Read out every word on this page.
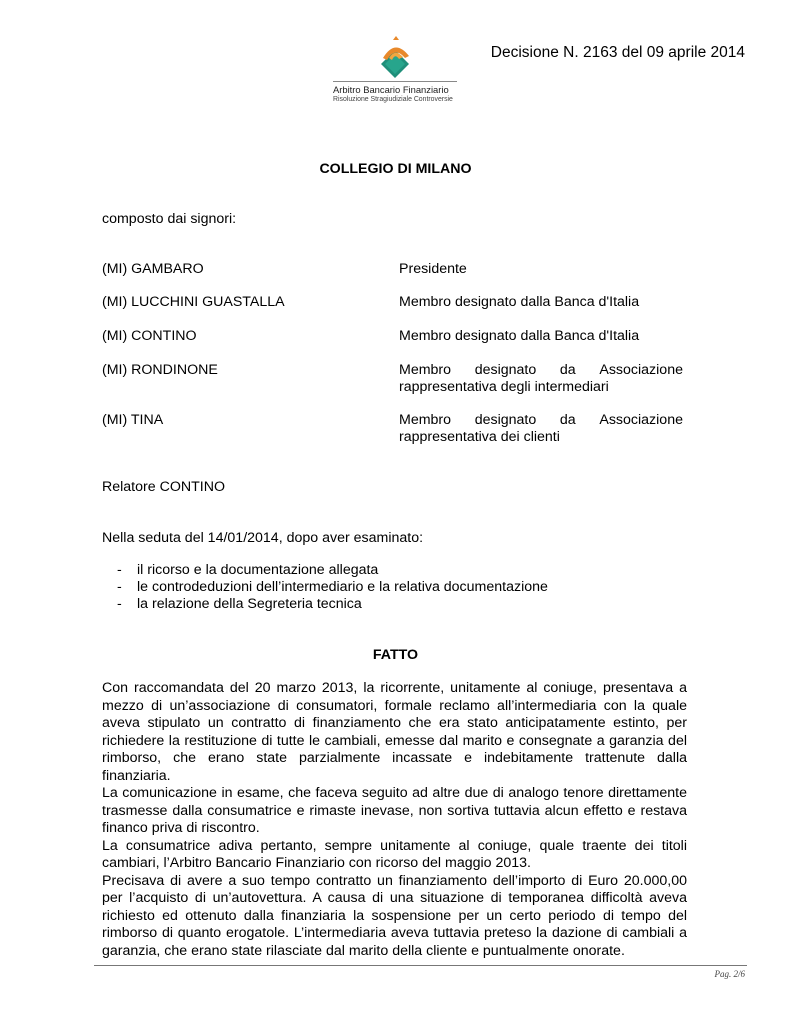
Arbitro Bancario Finanziario
Risoluzione Stragiudiziale Controversie
Decisione N. 2163 del 09 aprile 2014
COLLEGIO DI MILANO
composto dai signori:
(MI) GAMBARO	Presidente
(MI) LUCCHINI GUASTALLA	Membro designato dalla Banca d'Italia
(MI) CONTINO	Membro designato dalla Banca d'Italia
(MI) RONDINONE	Membro designato da Associazione
rappresentativa degli intermediari
(MI) TINA	Membro designato da Associazione
rappresentativa dei clienti
Relatore CONTINO
Nella seduta del 14/01/2014, dopo aver esaminato:
- il ricorso e la documentazione allegata
- le controdeduzioni dell’intermediario e la relativa documentazione
- la relazione della Segreteria tecnica
FATTO

Con raccomandata del 20 marzo 2013, la ricorrente, unitamente al coniuge, presentava a mezzo di un’associazione di consumatori, formale reclamo all’intermediaria con la quale aveva stipulato un contratto di finanziamento che era stato anticipatamente estinto, per richiedere la restituzione di tutte le cambiali, emesse dal marito e consegnate a garanzia del rimborso, che erano state parzialmente incassate e indebitamente trattenute dalla finanziaria.

La comunicazione in esame, che faceva seguito ad altre due di analogo tenore direttamente trasmesse dalla consumatrice e rimaste inevase, non sortiva tuttavia alcun effetto e restava financo priva di riscontro.

La consumatrice adiva pertanto, sempre unitamente al coniuge, quale traente dei titoli cambiari, l’Arbitro Bancario Finanziario con ricorso del maggio 2013.

Precisava di avere a suo tempo contratto un finanziamento dell’importo di Euro 20.000,00 per l’acquisto di un’autovettura. A causa di una situazione di temporanea difficoltà aveva richiesto ed ottenuto dalla finanziaria la sospensione per un certo periodo di tempo del rimborso di quanto erogatole. L’intermediaria aveva tuttavia preteso la dazione di cambiali a garanzia, che erano state rilasciate dal marito della cliente e puntualmente onorate.

Pag. 2/6
